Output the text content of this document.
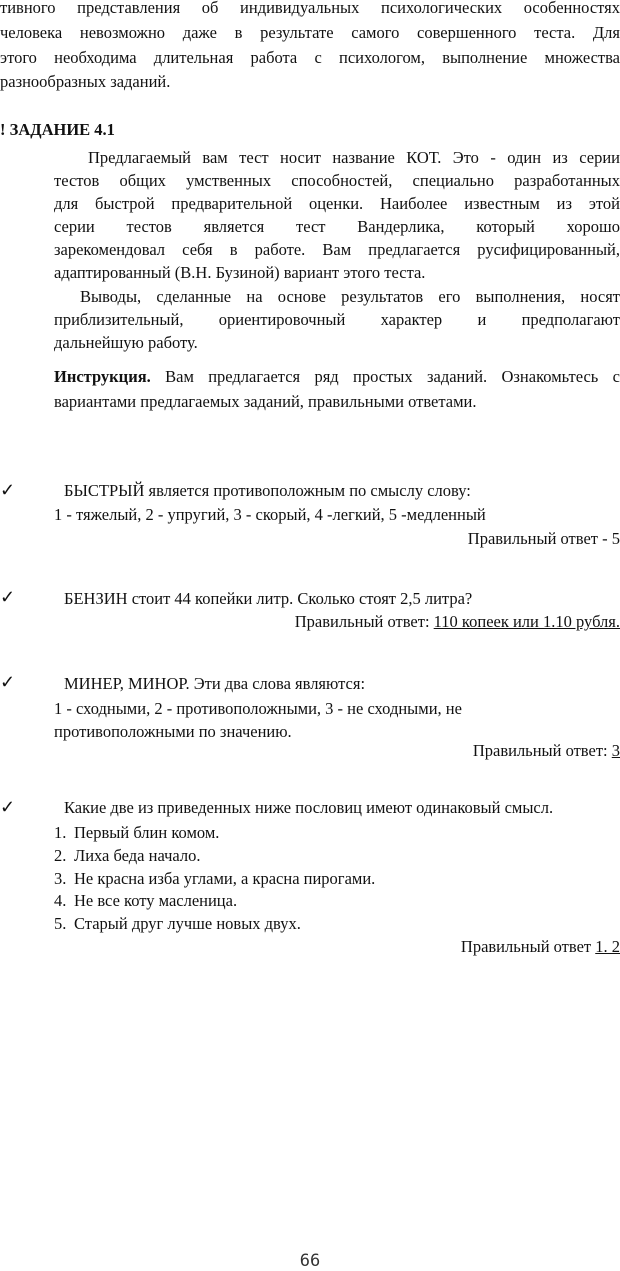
тивного представления об индивидуальных психологических особенностях
человека невозможно даже в результате самого совершенного теста. Для
этого необходима длительная работа с психологом, выполнение множества
разнообразных заданий.
! ЗАДАНИЕ 4.1
Предлагаемый вам тест носит название КОТ. Это - один из серии
тестов общих умственных способностей, специально разработанных
для быстрой предварительной оценки. Наиболее известным из этой
серии тестов является тест Вандерлика, который хорошо
зарекомендовал себя в работе. Вам предлагается русифицированный,
адаптированный (В.Н. Бузиной) вариант этого теста.
Выводы, сделанные на основе результатов его выполнения, носят
приблизительный, ориентировочный характер и предполагают
дальнейшую работу.
Инструкция. Вам предлагается ряд простых заданий. Ознакомьтесь с
вариантами предлагаемых заданий, правильными ответами.
✓	БЫСТРЫЙ является противоположным по смыслу слову:
1 - тяжелый, 2 - упругий, 3 - скорый, 4 -легкий, 5 -медленный
Правильный ответ - 5
✓	БЕНЗИН стоит 44 копейки литр. Сколько стоят 2,5 литра?
Правильный ответ: 110 копеек или 1.10 рубля.
✓	МИНЕР, МИНОР. Эти два слова являются:
1 - сходными, 2 - противоположными, 3 - не сходными, не
противоположными по значению.
Правильный ответ: 3
✓	Какие две из приведенных ниже пословиц имеют одинаковый смысл.
1. Первый блин комом.
2. Лиха беда начало.
3. Не красна изба углами, а красна пирогами.
4. Не все коту масленица.
5. Старый друг лучше новых двух.
Правильный ответ 1. 2
66
